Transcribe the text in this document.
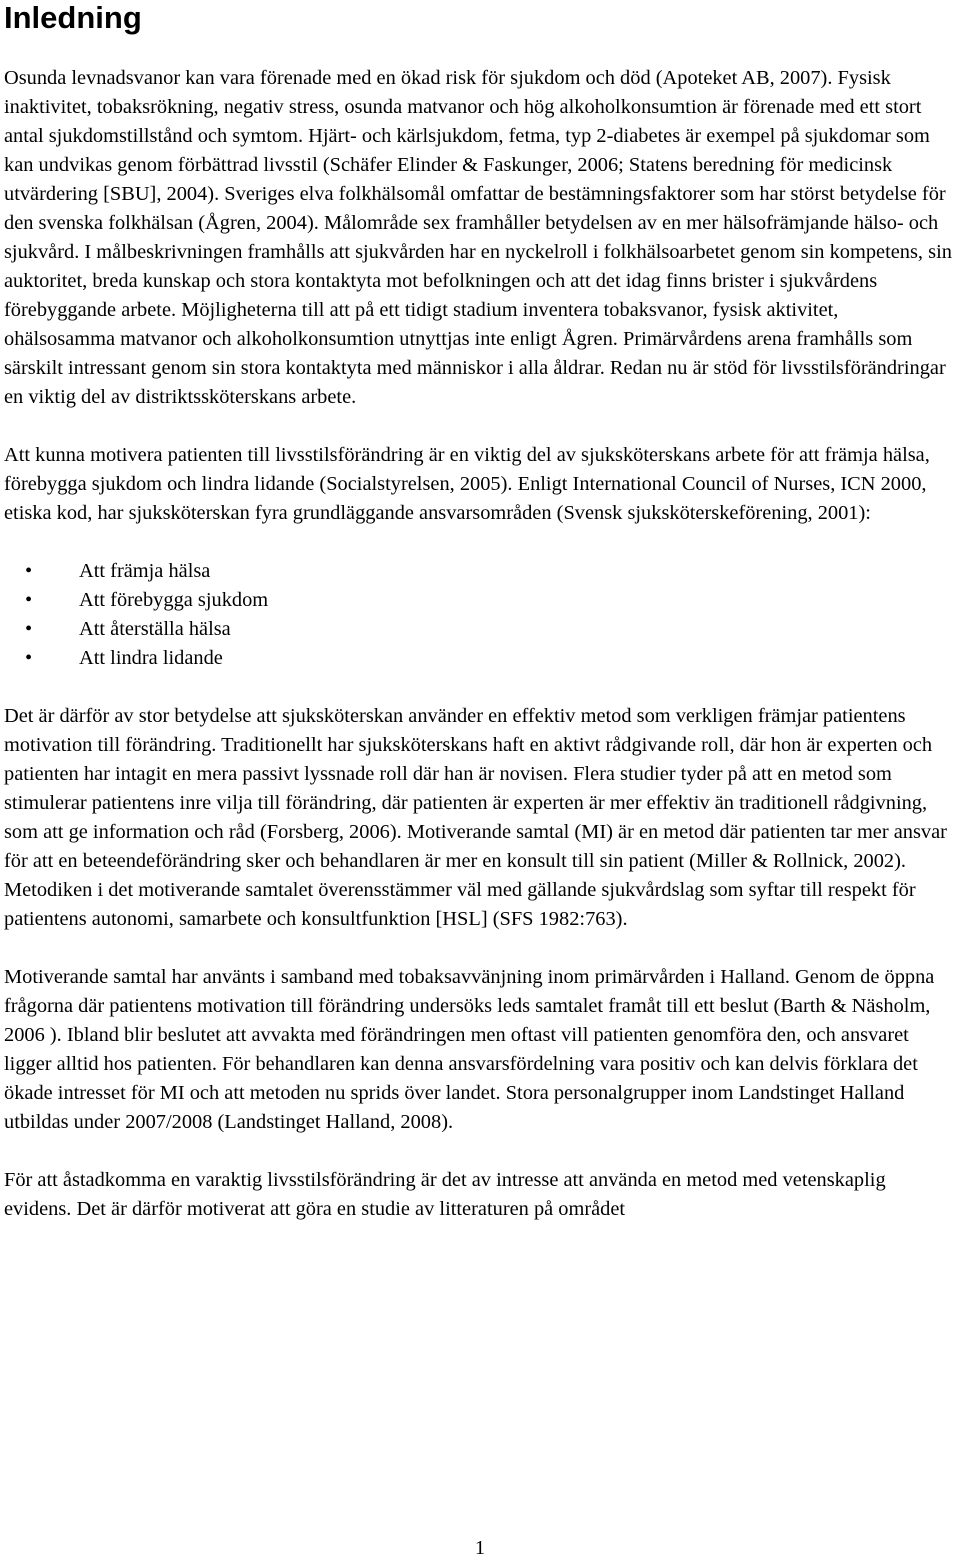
Inledning

Osunda levnadsvanor kan vara förenade med en ökad risk för sjukdom och död (Apoteket AB, 2007). Fysisk inaktivitet, tobaksrökning, negativ stress, osunda matvanor och hög alkoholkonsumtion är förenade med ett stort antal sjukdomstillstånd och symtom. Hjärt- och kärlsjukdom, fetma, typ 2-diabetes är exempel på sjukdomar som kan undvikas genom förbättrad livsstil (Schäfer Elinder & Faskunger, 2006; Statens beredning för medicinsk utvärdering [SBU], 2004). Sveriges elva folkhälsomål omfattar de bestämningsfaktorer som har störst betydelse för den svenska folkhälsan (Ågren, 2004). Målområde sex framhåller betydelsen av en mer hälsofrämjande hälso- och sjukvård. I målbeskrivningen framhålls att sjukvården har en nyckelroll i folkhälsoarbetet genom sin kompetens, sin auktoritet, breda kunskap och stora kontaktyta mot befolkningen och att det idag finns brister i sjukvårdens förebyggande arbete. Möjligheterna till att på ett tidigt stadium inventera tobaksvanor, fysisk aktivitet, ohälsosamma matvanor och alkoholkonsumtion utnyttjas inte enligt Ågren. Primärvårdens arena framhålls som särskilt intressant genom sin stora kontaktyta med människor i alla åldrar. Redan nu är stöd för livsstilsförändringar en viktig del av distriktssköterskans arbete.

Att kunna motivera patienten till livsstilsförändring är en viktig del av sjuksköterskans arbete för att främja hälsa, förebygga sjukdom och lindra lidande (Socialstyrelsen, 2005). Enligt International Council of Nurses, ICN 2000, etiska kod, har sjuksköterskan fyra grundläggande ansvarsområden (Svensk sjuksköterskeförening, 2001):

• Att främja hälsa
• Att förebygga sjukdom
• Att återställa hälsa
• Att lindra lidande

Det är därför av stor betydelse att sjuksköterskan använder en effektiv metod som verkligen främjar patientens motivation till förändring. Traditionellt har sjuksköterskans haft en aktivt rådgivande roll, där hon är experten och patienten har intagit en mera passivt lyssnade roll där han är novisen. Flera studier tyder på att en metod som stimulerar patientens inre vilja till förändring, där patienten är experten är mer effektiv än traditionell rådgivning, som att ge information och råd (Forsberg, 2006). Motiverande samtal (MI) är en metod där patienten tar mer ansvar för att en beteendeförändring sker och behandlaren är mer en konsult till sin patient (Miller & Rollnick, 2002). Metodiken i det motiverande samtalet överensstämmer väl med gällande sjukvårdslag som syftar till respekt för patientens autonomi, samarbete och konsultfunktion [HSL] (SFS 1982:763).

Motiverande samtal har använts i samband med tobaksavvänjning inom primärvården i Halland. Genom de öppna frågorna där patientens motivation till förändring undersöks leds samtalet framåt till ett beslut (Barth & Näsholm, 2006 ). Ibland blir beslutet att avvakta med förändringen men oftast vill patienten genomföra den, och ansvaret ligger alltid hos patienten. För behandlaren kan denna ansvarsfördelning vara positiv och kan delvis förklara det ökade intresset för MI och att metoden nu sprids över landet. Stora personalgrupper inom Landstinget Halland utbildas under 2007/2008 (Landstinget Halland, 2008).

För att åstadkomma en varaktig livsstilsförändring är det av intresse att använda en metod med vetenskaplig evidens. Det är därför motiverat att göra en studie av litteraturen på området

1
